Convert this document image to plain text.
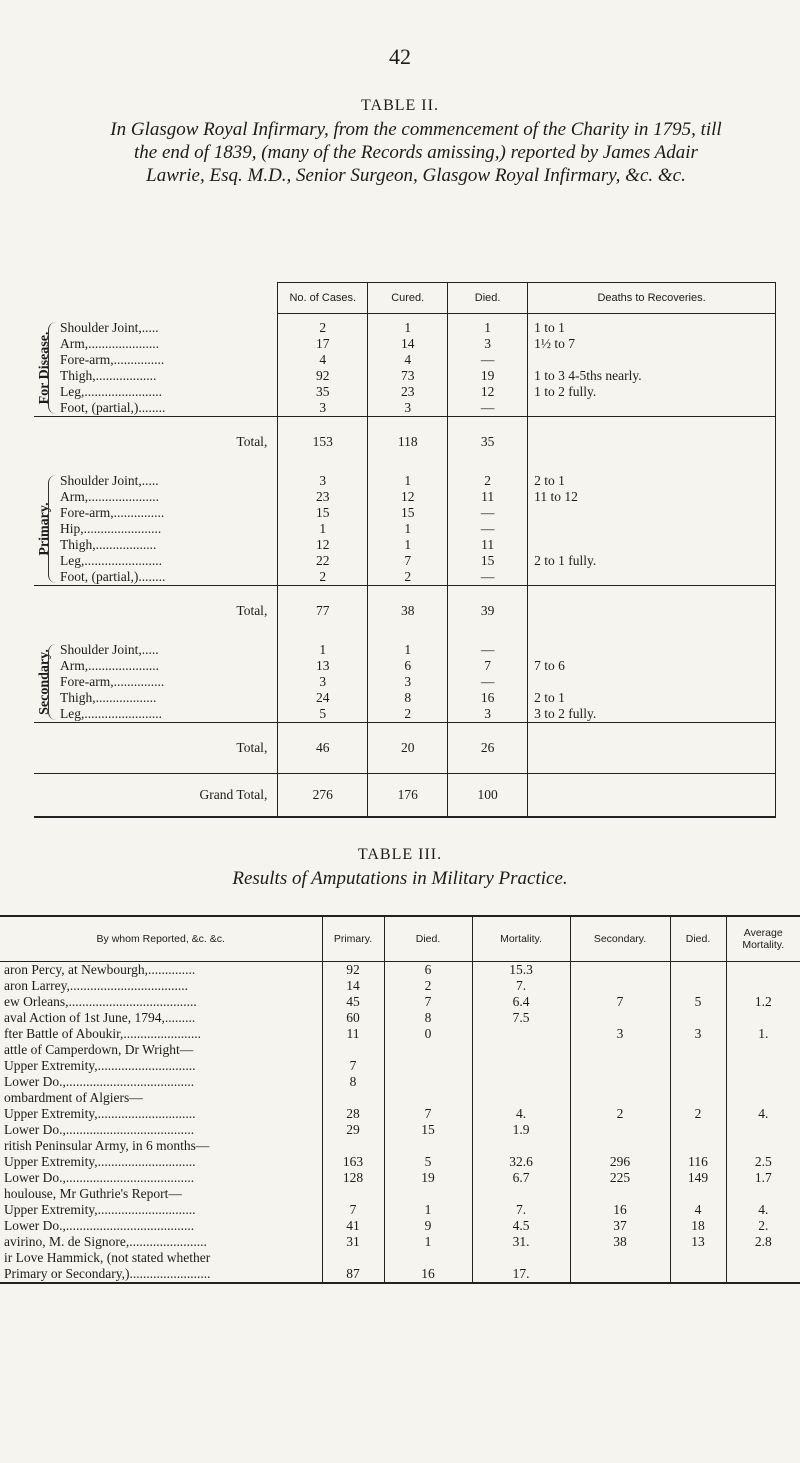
42
TABLE II.
In Glasgow Royal Infirmary, from the commencement of the Charity in 1795, till the end of 1839, (many of the Records amissing,) reported by James Adair Lawrie, Esq. M.D., Senior Surgeon, Glasgow Royal Infirmary, &c. &c.
		No. of Cases.	Cured.	Died.	Deaths to Recoveries.

For Disease.	Shoulder Joint,.....	2	1	1	1 to 1
	Arm,.....................	17	14	3	1½ to 7
	Fore-arm,...............	4	4	—	
	Thigh,..................	92	73	19	1 to 3 4-5ths nearly.
	Leg,.......................	35	23	12	1 to 2 fully.
	Foot, (partial,)........	3	3	—	
Total,		153	118	35	

Primary.	Shoulder Joint,.....	3	1	2	2 to 1
	Arm,.....................	23	12	11	11 to 12
	Fore-arm,...............	15	15	—	
	Hip,.......................	1	1	—	
	Thigh,..................	12	1	11	
	Leg,.......................	22	7	15	2 to 1 fully.
	Foot, (partial,)........	2	2	—	
Total,		77	38	39	

Secondary.	Shoulder Joint,.....	1	1	—	
	Arm,.....................	13	6	7	7 to 6
	Fore-arm,...............	3	3	—	
	Thigh,..................	24	8	16	2 to 1
	Leg,.......................	5	2	3	3 to 2 fully.
Total,		46	20	26	
Grand Total,		276	176	100	
TABLE III.
Results of Amputations in Military Practice.
By whom Reported, &c. &c.	Primary.	Died.	Mortality.	Secondary.	Died.	Average Mortality.
aron Percy, at Newbourgh,..............	92	6	15.3			
aron Larrey,...................................	14	2	7.			
ew Orleans,......................................	45	7	6.4	7	5	1.2
aval Action of 1st June, 1794,.........	60	8	7.5			
fter Battle of Aboukir,.......................	11	0		3	3	1.
attle of Camperdown, Dr Wright—						
Upper Extremity,.............................	7					
Lower Do.,......................................	8					
ombardment of Algiers—						
Upper Extremity,.............................	28	7	4.	2	2	4.
Lower Do.,......................................	29	15	1.9			
ritish Peninsular Army, in 6 months—						
Upper Extremity,.............................	163	5	32.6	296	116	2.5
Lower Do.,......................................	128	19	6.7	225	149	1.7
houlouse, Mr Guthrie's Report—						
Upper Extremity,.............................	7	1	7.	16	4	4.
Lower Do.,......................................	41	9	4.5	37	18	2.
avirino, M. de Signore,.......................	31	1	31.	38	13	2.8
ir Love Hammick, (not stated whether						
Primary or Secondary,)........................	87	16	17.			
